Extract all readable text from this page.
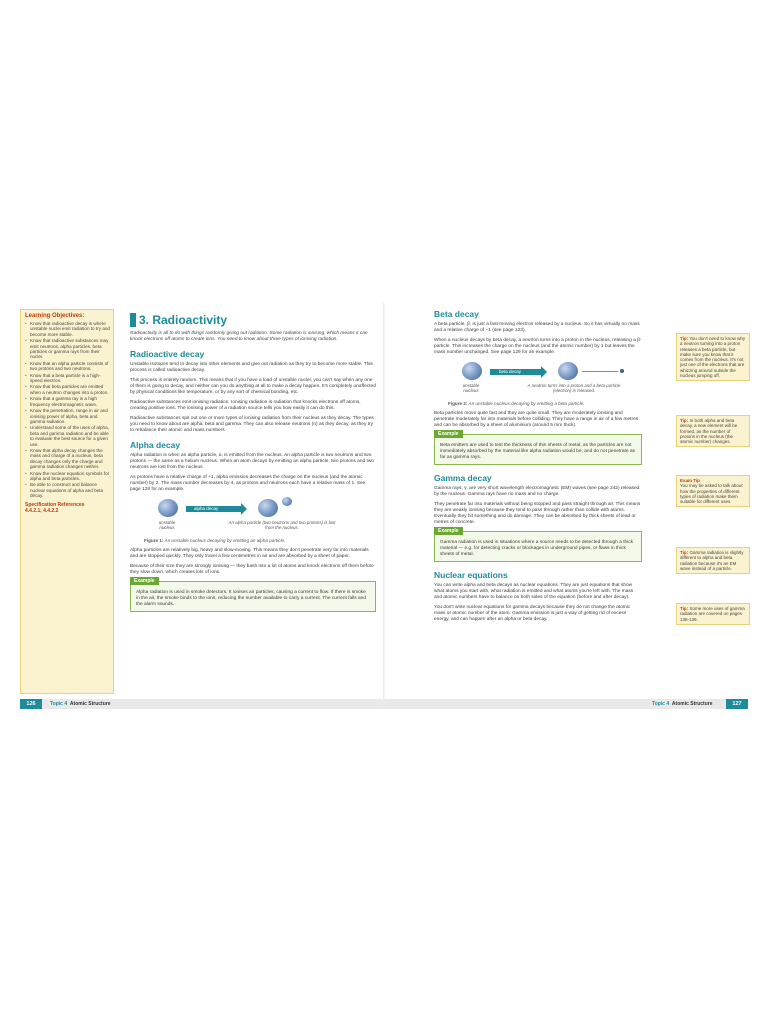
Learning Objectives:
• Know that radioactive decay is where unstable nuclei emit radiation to try and become more stable.
• Know that radioactive substances may emit neutrons, alpha particles, beta particles or gamma rays from their nuclei.
• Know that an alpha particle consists of two protons and two neutrons.
• Know that a beta particle is a high-speed electron.
• Know that beta particles are emitted when a neutron changes into a proton.
• Know that a gamma ray is a high frequency electromagnetic wave.
• Know the penetration, range in air and ionising power of alpha, beta and gamma radiation.
• Understand some of the uses of alpha, beta and gamma radiation and be able to evaluate the best source for a given use.
• Know that alpha decay changes the mass and charge of a nucleus, beta decay changes only the charge and gamma radiation changes neither.
• Know the nuclear equation symbols for alpha and beta particles.
• Be able to construct and balance nuclear equations of alpha and beta decay.
Specification References
4.4.2.1, 4.4.2.2
3. Radioactivity

Radioactivity is all to do with things randomly giving out radiation. Some radiation is ionising, which means it can knock electrons off atoms to create ions. You need to know about three types of ionising radiation.

Radioactive decay

Unstable isotopes tend to decay into other elements and give out radiation as they try to become more stable. This process is called radioactive decay.

This process is entirely random. This means that if you have a load of unstable nuclei, you can't say when any one of them is going to decay, and neither can you do anything at all to make a decay happen. It's completely unaffected by physical conditions like temperature, or by any sort of chemical bonding, etc.

Radioactive substances emit ionising radiation. Ionising radiation is radiation that knocks electrons off atoms, creating positive ions. The ionising power of a radiation source tells you how easily it can do this.

Radioactive substances spit out one or more types of ionising radiation from their nucleus as they decay. The types you need to know about are alpha, beta and gamma. They can also release neutrons (n) as they decay, as they try to rebalance their atomic and mass numbers.

Alpha decay

Alpha radiation is when an alpha particle, α, is emitted from the nucleus. An alpha particle is two neutrons and two protons — the same as a helium nucleus. When an atom decays by emitting an alpha particle, two protons and two neutrons are lost from the nucleus.

As protons have a relative charge of +1, alpha emission decreases the charge on the nucleus (and the atomic number) by 2. The mass number decreases by 4, as protons and neutrons each have a relative mass of 1. See page 128 for an example.

alpha decay
unstable nucleus
An alpha particle (two neutrons and two protons) is lost from the nucleus.
Figure 1: An unstable nucleus decaying by emitting an alpha particle.

Alpha particles are relatively big, heavy and slow-moving. This means they don't penetrate very far into materials and are stopped quickly. They only travel a few centimetres in air and are absorbed by a sheet of paper.

Because of their size they are strongly ionising — they bash into a lot of atoms and knock electrons off them before they slow down, which creates lots of ions.

Example

Alpha radiation is used in smoke detectors. It ionises air particles, causing a current to flow. If there is smoke in the air, the smoke binds to the ions, reducing the number available to carry a current. The current falls and the alarm sounds.

126	Topic 4 Atomic Structure
Beta decay

A beta particle, β, is just a fast-moving electron released by a nucleus. So it has virtually no mass and a relative charge of −1 (see page 123).

When a nucleus decays by beta decay, a neutron turns into a proton in the nucleus, releasing a β-particle. This increases the charge on the nucleus (and the atomic number) by 1 but leaves the mass number unchanged. See page 129 for an example.

beta decay
unstable nucleus
A neutron turns into a proton and a beta particle (electron) is released.
Figure 2: An unstable nucleus decaying by emitting a beta particle.

Beta particles move quite fast and they are quite small. They are moderately ionising and penetrate moderately far into materials before colliding. They have a range in air of a few metres and can be absorbed by a sheet of aluminium (around 5 mm thick).

Example

Beta emitters are used to test the thickness of thin sheets of metal, as the particles are not immediately absorbed by the material like alpha radiation would be, and do not penetrate as far as gamma rays.

Gamma decay

Gamma rays, γ, are very short wavelength electromagnetic (EM) waves (see page 242) released by the nucleus. Gamma rays have no mass and no charge.

They penetrate far into materials without being stopped and pass straight through air. This means they are weakly ionising because they tend to pass through rather than collide with atoms. Eventually they hit something and do damage. They can be absorbed by thick sheets of lead or metres of concrete.

Example

Gamma radiation is used in situations where a source needs to be detected through a thick material — e.g. for detecting cracks or blockages in underground pipes, or flaws in thick sheets of metal.

Nuclear equations

You can write alpha and beta decays as nuclear equations. They are just equations that show what atoms you start with, what radiation is emitted and what atoms you're left with. The mass and atomic numbers have to balance on both sides of the equation (before and after decay).

You don't write nuclear equations for gamma decays because they do not change the atomic mass or atomic number of the atom. Gamma emission is just a way of getting rid of excess energy, and can happen after an alpha or beta decay.

Tip: You don't need to know why a neutron turning into a proton releases a beta particle, but make sure you know that it comes from the nucleus. It's not just one of the electrons that are whizzing around outside the nucleus jumping off.
Tip: In both alpha and beta decay, a new element will be formed, as the number of protons in the nucleus (the atomic number) changes.
Exam Tip
You may be asked to talk about how the properties of different types of radiation make them suitable for different uses.
Tip: Gamma radiation is slightly different to alpha and beta radiation because it's an EM wave instead of a particle.
Tip: Some more uses of gamma radiation are covered on pages 138-139.
Topic 4 Atomic Structure	127
